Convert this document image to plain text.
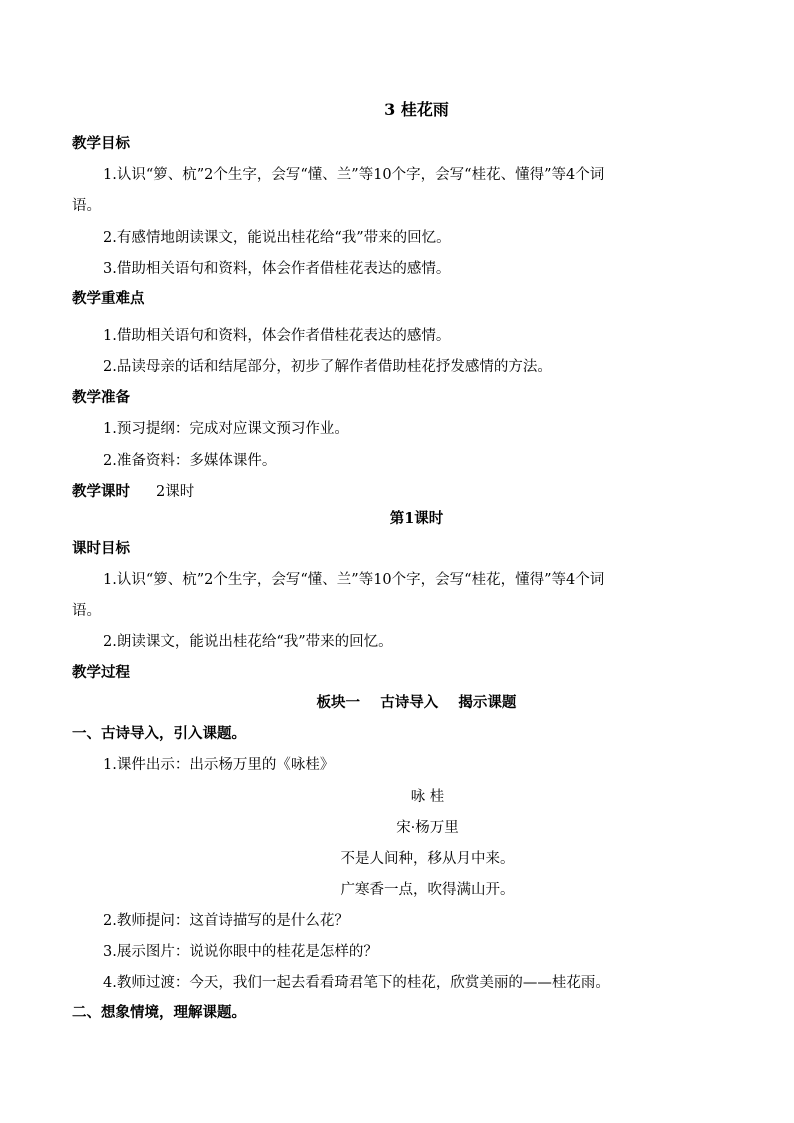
3 桂花雨
教学目标
1.认识“箩、杭”2个生字，会写“懂、兰”等10个字，会写“桂花、懂得”等4个词
语。
2.有感情地朗读课文，能说出桂花给“我”带来的回忆。
3.借助相关语句和资料，体会作者借桂花表达的感情。
教学重难点
1.借助相关语句和资料，体会作者借桂花表达的感情。
2.品读母亲的话和结尾部分，初步了解作者借助桂花抒发感情的方法。
教学准备
1.预习提纲：完成对应课文预习作业。
2.准备资料：多媒体课件。
教学课时 2课时
第1课时
课时目标
1.认识“箩、杭”2个生字，会写“懂、兰”等10个字，会写“桂花，懂得”等4个词
语。
2.朗读课文，能说出桂花给“我”带来的回忆。
教学过程
板块一    古诗导入    揭示课题
一、古诗导入，引入课题。
1.课件出示：出示杨万里的《咏桂》
咏 桂
宋·杨万里
不是人间种，移从月中来。
广寒香一点，吹得满山开。
2.教师提问：这首诗描写的是什么花？
3.展示图片：说说你眼中的桂花是怎样的？
4.教师过渡：今天，我们一起去看看琦君笔下的桂花，欣赏美丽的——桂花雨。
二、想象情境，理解课题。
